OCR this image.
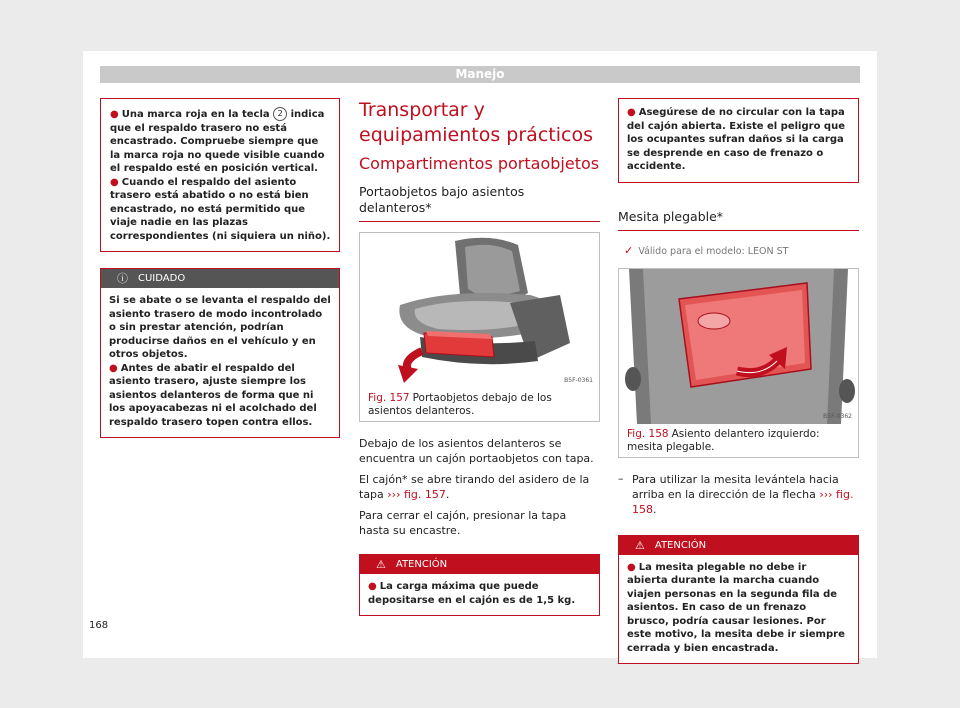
Manejo
● Una marca roja en la tecla 2 indica que el respaldo trasero no está encastrado. Compruebe siempre que la marca roja no quede visible cuando el respaldo esté en posición vertical.
● Cuando el respaldo del asiento trasero está abatido o no está bien encastrado, no está permitido que viaje nadie en las plazas correspondientes (ni siquiera un niño).
ⓘ CUIDADO
Si se abate o se levanta el respaldo del asiento trasero de modo incontrolado o sin prestar atención, podrían producirse daños en el vehículo y en otros objetos.
● Antes de abatir el respaldo del asiento trasero, ajuste siempre los asientos delanteros de forma que ni los apoyacabezas ni el acolchado del respaldo trasero topen contra ellos.
Transportar y equipamientos prácticos
Compartimentos portaobjetos
Portaobjetos bajo asientos delanteros*
B5F-0361
Fig. 157 Portaobjetos debajo de los asientos delanteros.

Debajo de los asientos delanteros se encuentra un cajón portaobjetos con tapa.

El cajón* se abre tirando del asidero de la tapa ››› fig. 157.

Para cerrar el cajón, presionar la tapa hasta su encastre.

⚠ ATENCIÓN
● La carga máxima que puede depositarse en el cajón es de 1,5 kg.
● Asegúrese de no circular con la tapa del cajón abierta. Existe el peligro que los ocupantes sufran daños si la carga se desprende en caso de frenazo o accidente.
Mesita plegable*
✓ Válido para el modelo: LEON ST
B5F-0362
Fig. 158 Asiento delantero izquierdo: mesita plegable.
– Para utilizar la mesita levántela hacia arriba en la dirección de la flecha ››› fig. 158.

⚠ ATENCIÓN
● La mesita plegable no debe ir abierta durante la marcha cuando viajen personas en la segunda fila de asientos. En caso de un frenazo brusco, podría causar lesiones. Por este motivo, la mesita debe ir siempre cerrada y bien encastrada.
168
